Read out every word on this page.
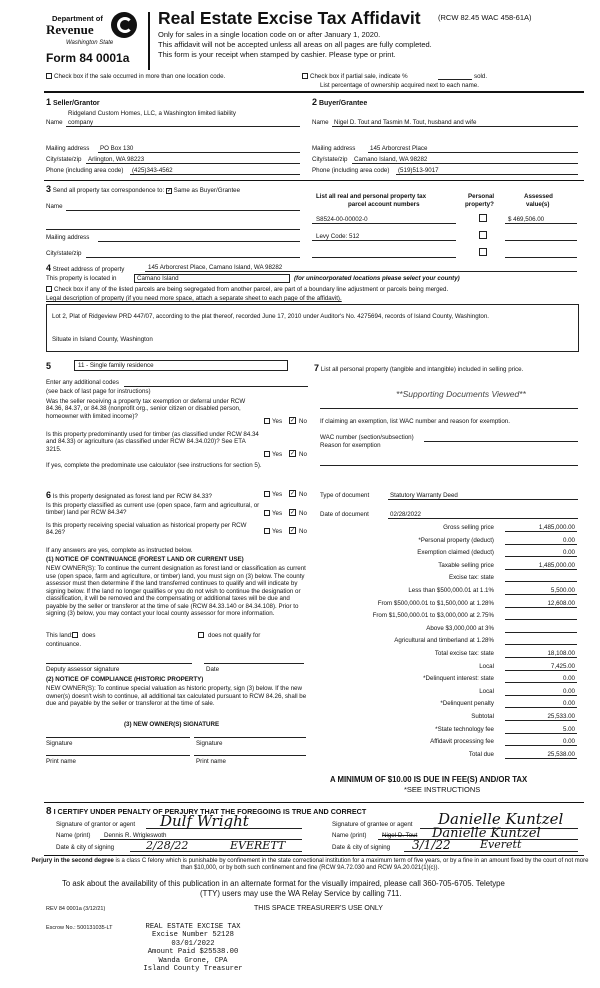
Department of
Revenue
Washington State
Form 84 0001a
Real Estate Excise Tax Affidavit (RCW 82.45 WAC 458-61A)
Only for sales in a single location code on or after January 1, 2020.
This affidavit will not be accepted unless all areas on all pages are fully completed.
This form is your receipt when stamped by cashier. Please type or print.
Check box if the sale occurred in more than one location code.	Check box if partial sale, indicate %	sold.
List percentage of ownership acquired next to each name.
1 Seller/Grantor
Ridgeland Custom Homes, LLC, a Washington limited liability
Name company
Mailing address PO Box 130
City/state/zip Arlington, WA 98223
Phone (including area code) (425)343-4562
2 Buyer/Grantee
Name Nigel D. Tout and Tasmin M. Tout, husband and wife
Mailing address 145 Arborcrest Place
City/state/zip Camano Island, WA 98282
Phone (including area code) (519)513-9017
3 Send all property tax correspondence to: ✓ Same as Buyer/Grantee
Name
Mailing address
City/state/zip
List all real and personal property tax
parcel account numbers
Personal
property?
Assessed
value(s)
S8524-00-00002-0	$ 469,506.00
Levy Code: 512
4 Street address of property	145 Arborcrest Place, Camano Island, WA 98282
This property is located in	Camano Island	(for unincorporated locations please select your county)
Check box if any of the listed parcels are being segregated from another parcel, are part of a boundary line adjustment or parcels being merged.
Legal description of property (if you need more space, attach a separate sheet to each page of the affidavit).
Lot 2, Plat of Ridgeview PRD 447/07, according to the plat thereof, recorded June 17, 2010 under Auditor's No. 4275694, records of Island County, Washington.
Situate in Island County, Washington
5	11 - Single family residence
Enter any additional codes
(see back of last page for instructions)
Was the seller receiving a property tax exemption or deferral under RCW 84.36, 84.37, or 84.38 (nonprofit org., senior citizen or disabled person, homeowner with limited income)?
Yes ✓ No
Is this property predominantly used for timber (as classified under RCW 84.34 and 84.33) or agriculture (as classified under RCW 84.34.020)? See ETA 3215.
Yes ✓ No
If yes, complete the predominate use calculator (see instructions for section 5).
7 List all personal property (tangible and intangible) included in selling price.
**Supporting Documents Viewed**
If claiming an exemption, list WAC number and reason for exemption.
WAC number (section/subsection)
Reason for exemption
6 Is this property designated as forest land per RCW 84.33?	Yes ✓ No
Is this property classified as current use (open space, farm and agricultural, or timber) land per RCW 84.34?	Yes ✓ No
Is this property receiving special valuation as historical property per RCW 84.26?	Yes ✓ No
If any answers are yes, complete as instructed below.
(1) NOTICE OF CONTINUANCE (FOREST LAND OR CURRENT USE)
NEW OWNER(S): To continue the current designation as forest land or classification as current use (open space, farm and agriculture, or timber) land, you must sign on (3) below. The county assessor must then determine if the land transferred continues to qualify and will indicate by signing below. If the land no longer qualifies or you do not wish to continue the designation or classification, it will be removed and the compensating or additional taxes will be due and payable by the seller or transferor at the time of sale (RCW 84.33.140 or 84.34.108). Prior to signing (3) below, you may contact your local county assessor for more information.
This land: does	does not qualify for
continuance.
Deputy assessor signature	Date
(2) NOTICE OF COMPLIANCE (HISTORIC PROPERTY)
NEW OWNER(S): To continue special valuation as historic property, sign (3) below. If the new owner(s) doesn't wish to continue, all additional tax calculated pursuant to RCW 84.26, shall be due and payable by the seller or transferor at the time of sale.
(3) NEW OWNER(S) SIGNATURE
Signature	Signature
Print name	Print name
Type of document	Statutory Warranty Deed
Date of document	02/28/2022
Gross selling price	1,485,000.00
*Personal property (deduct)	0.00
Exemption claimed (deduct)	0.00
Taxable selling price	1,485,000.00
Excise tax: state
Less than $500,000.01 at 1.1%	5,500.00
From $500,000.01 to $1,500,000 at 1.28%	12,608.00
From $1,500,000.01 to $3,000,000 at 2.75%
Above $3,000,000 at 3%
Agricultural and timberland at 1.28%
Total excise tax: state	18,108.00
Local	7,425.00
*Delinquent interest: state	0.00
Local	0.00
*Delinquent penalty	0.00
Subtotal	25,533.00
*State technology fee	5.00
Affidavit processing fee	0.00
Total due	25,538.00
A MINIMUM OF $10.00 IS DUE IN FEE(S) AND/OR TAX
*SEE INSTRUCTIONS
8 I CERTIFY UNDER PENALTY OF PERJURY THAT THE FOREGOING IS TRUE AND CORRECT
Signature of grantor or agent Dulf Wright
Name (print) Dennis R. Wrigleswoth
Date & city of signing	2/28/22	EVERETT
Signature of grantee or agent Danielle Kuntzel
Name (print)	Nigel D. Tout Danielle Kuntzel
Date & city of signing 3/1/22	Everett
Perjury in the second degree is a class C felony which is punishable by confinement in the state correctional institution for a maximum term of five years, or by a fine in an amount fixed by the court of not more than $10,000, or by both such confinement and fine (RCW 9A.72.030 and RCW 9A.20.021(1)(c)).
To ask about the availability of this publication in an alternate format for the visually impaired, please call 360-705-6705. Teletype
(TTY) users may use the WA Relay Service by calling 711.
REV 84 0001a (3/12/21)	THIS SPACE TREASURER'S USE ONLY
Escrow No.: 500131035-LT	REAL ESTATE EXCISE TAX
Excise Number 52128
03/01/2022
Amount Paid $25538.00
Wanda Grone, CPA
Island County Treasurer
